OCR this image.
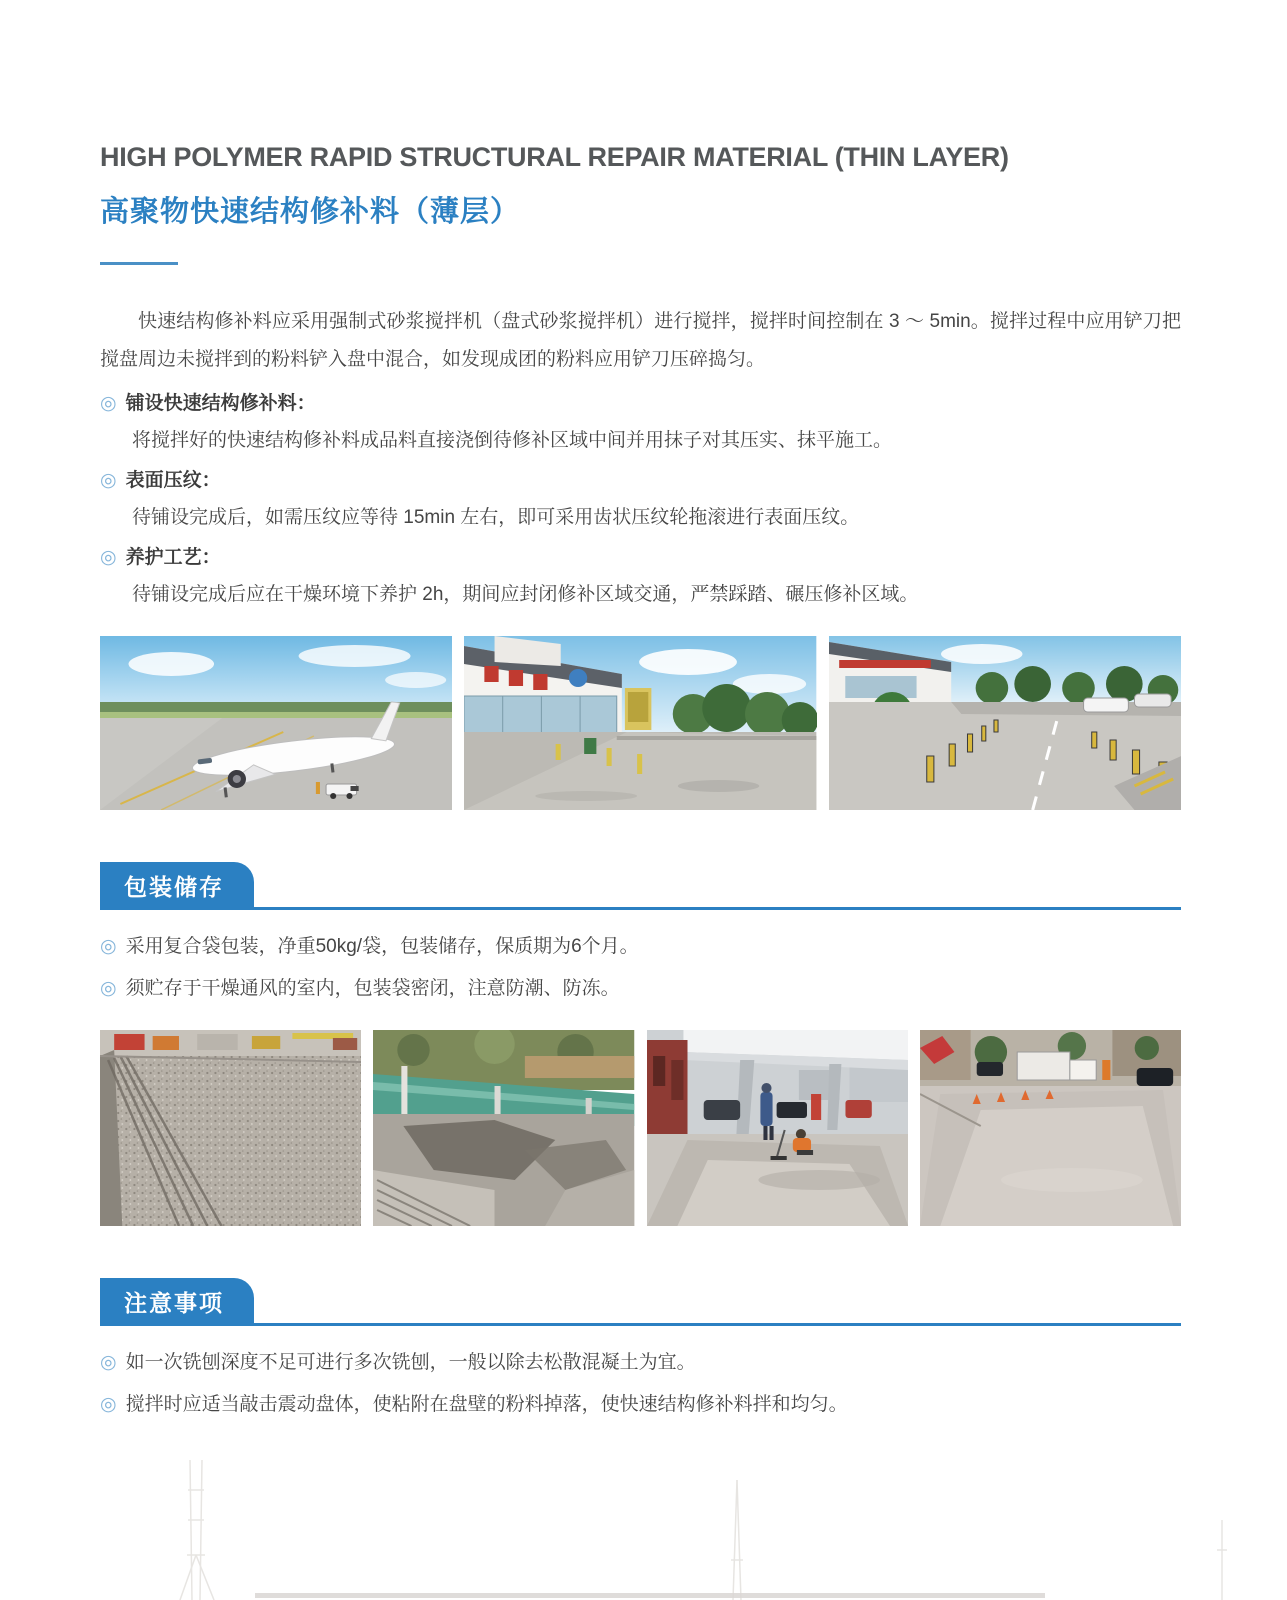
HIGH POLYMER RAPID STRUCTURAL REPAIR MATERIAL (THIN LAYER)
高聚物快速结构修补料（薄层）

快速结构修补料应采用强制式砂浆搅拌机（盘式砂浆搅拌机）进行搅拌，搅拌时间控制在 3 ～ 5min。搅拌过程中应用铲刀把搅盘周边未搅拌到的粉料铲入盘中混合，如发现成团的粉料应用铲刀压碎捣匀。

◎ 铺设快速结构修补料：

将搅拌好的快速结构修补料成品料直接浇倒待修补区域中间并用抹子对其压实、抹平施工。

◎ 表面压纹：

待铺设完成后，如需压纹应等待 15min 左右，即可采用齿状压纹轮拖滚进行表面压纹。

◎ 养护工艺：

待铺设完成后应在干燥环境下养护 2h，期间应封闭修补区域交通，严禁踩踏、碾压修补区域。

包装储存
◎ 采用复合袋包装，净重50kg/袋，包装储存，保质期为6个月。
◎ 须贮存于干燥通风的室内，包装袋密闭，注意防潮、防冻。
注意事项
◎ 如一次铣刨深度不足可进行多次铣刨，一般以除去松散混凝土为宜。
◎ 搅拌时应适当敲击震动盘体，使粘附在盘壁的粉料掉落，使快速结构修补料拌和均匀。
